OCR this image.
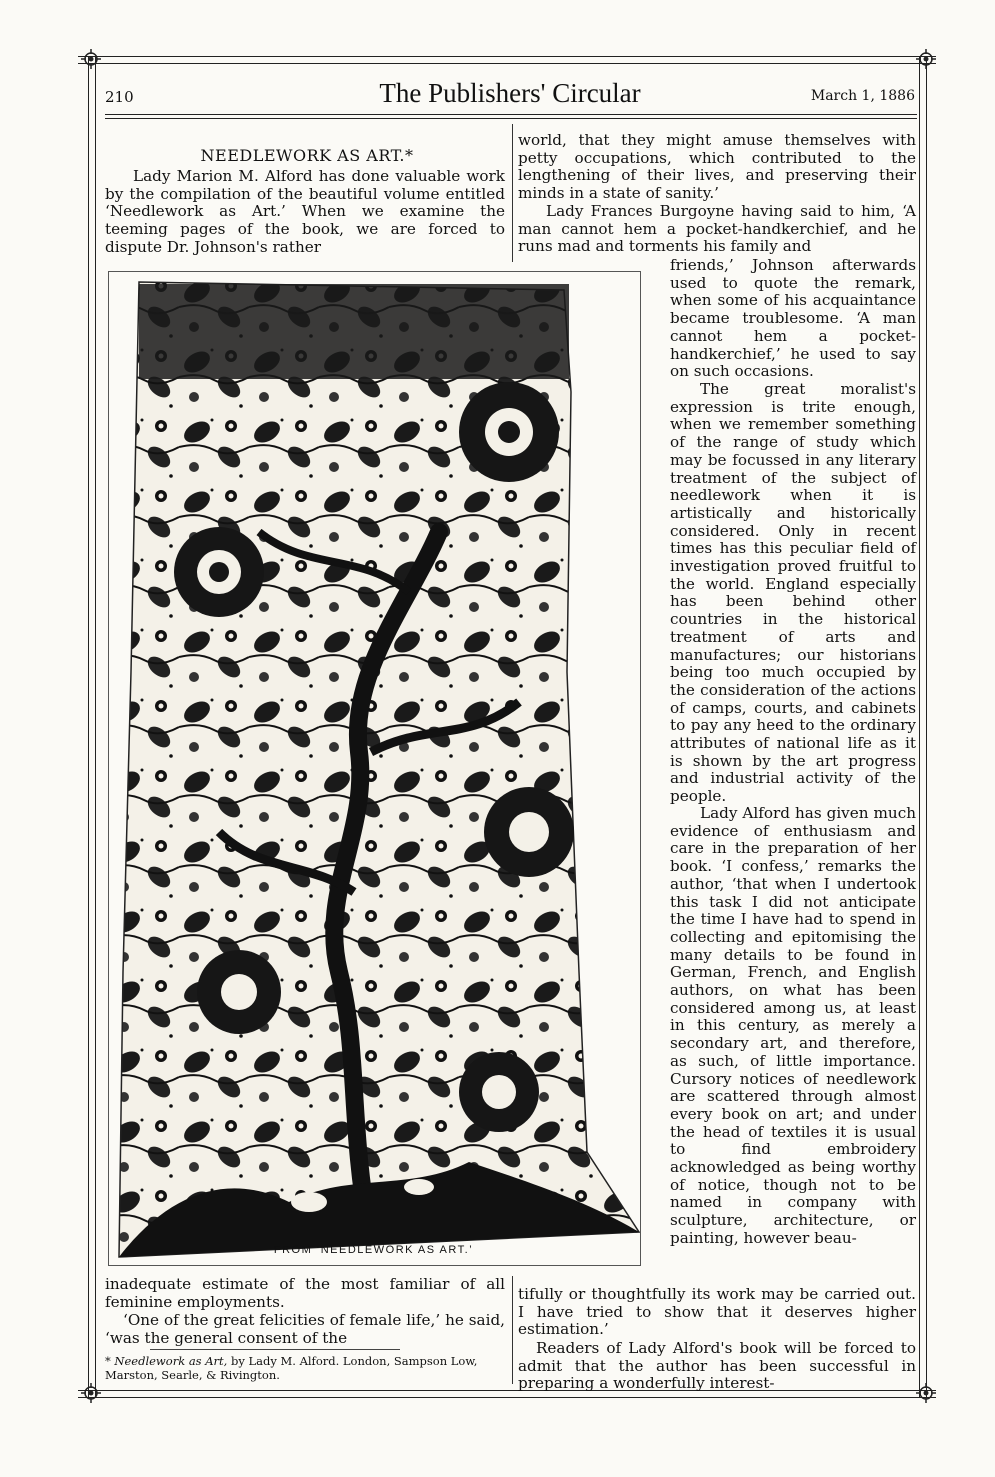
210	The Publishers' Circular	March 1, 1886
NEEDLEWORK AS ART.*
Lady Marion M. Alford has done valuable work by the compilation of the beautiful volume entitled ‘Needlework as Art.’ When we examine the teeming pages of the book, we are forced to dispute Dr. Johnson's rather
world, that they might amuse themselves with petty occupations, which contributed to the lengthening of their lives, and preserving their minds in a state of sanity.’
Lady Frances Burgoyne having said to him, ‘A man cannot hem a pocket-handkerchief, and he runs mad and torments his family and
friends,’ Johnson afterwards used to quote the remark, when some of his acquaintance became troublesome. ‘A man cannot hem a pocket-handkerchief,’ he used to say on such occasions.
The great moralist's expression is trite enough, when we remember something of the range of study which may be focussed in any literary treatment of the subject of needlework when it is artistically and historically considered. Only in recent times has this peculiar field of investigation proved fruitful to the world. England especially has been behind other countries in the historical treatment of arts and manufactures; our historians being too much occupied by the consideration of the actions of camps, courts, and cabinets to pay any heed to the ordinary attributes of national life as it is shown by the art progress and industrial activity of the people.
Lady Alford has given much evidence of enthusiasm and care in the preparation of her book. ‘I confess,’ remarks the author, ‘that when I undertook this task I did not anticipate the time I have had to spend in collecting and epitomising the many details to be found in German, French, and English authors, on what has been considered among us, at least in this century, as merely a secondary art, and therefore, as such, of little importance. Cursory notices of needlework are scattered through almost every book on art; and under the head of textiles it is usual to find embroidery acknowledged as being worthy of notice, though not to be named in company with sculpture, architecture, or painting, however beau-
FROM ‘NEEDLEWORK AS ART.’
inadequate estimate of the most familiar of all feminine employments.
‘One of the great felicities of female life,’ he said, ‘was the general consent of the
* Needlework as Art, by Lady M. Alford. London, Sampson Low, Marston, Searle, & Rivington.
tifully or thoughtfully its work may be carried out. I have tried to show that it deserves higher estimation.’
Readers of Lady Alford's book will be forced to admit that the author has been successful in preparing a wonderfully interest-
